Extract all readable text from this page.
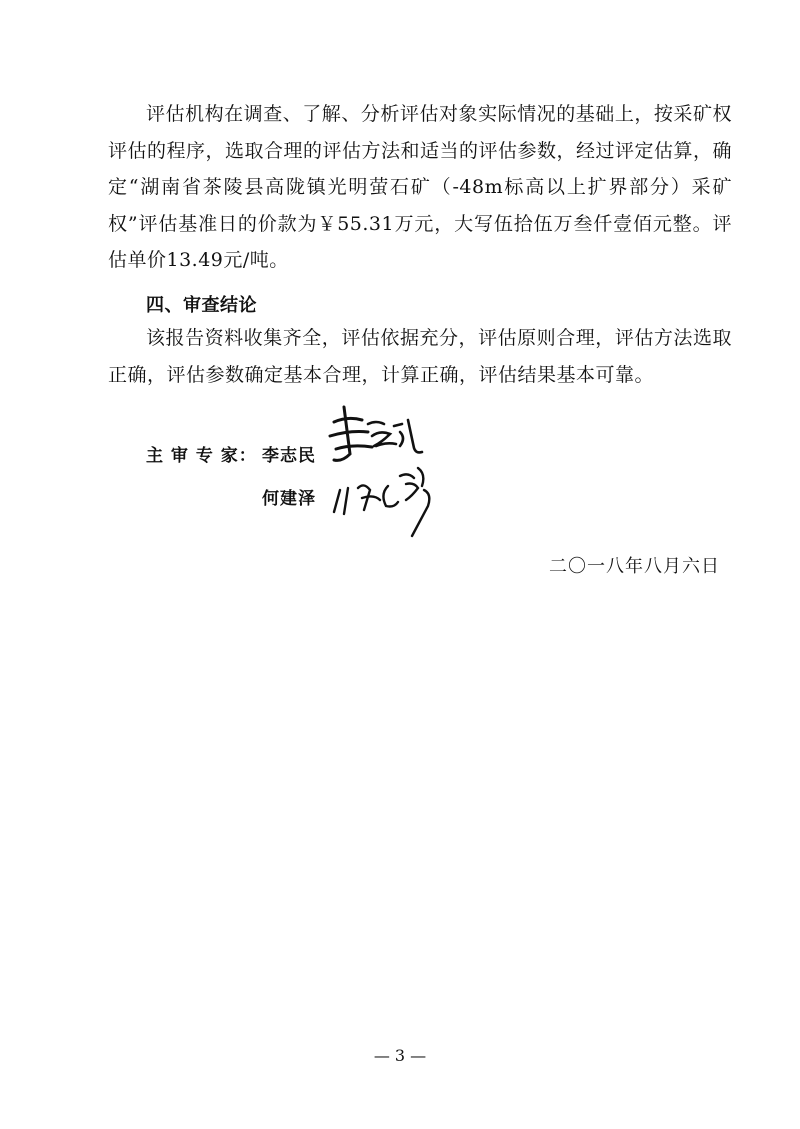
评估机构在调查、了解、分析评估对象实际情况的基础上，按采矿权评估的程序，选取合理的评估方法和适当的评估参数，经过评定估算，确定“湖南省茶陵县高陇镇光明萤石矿（-48m标高以上扩界部分）采矿权”评估基准日的价款为￥55.31万元，大写伍拾伍万叁仟壹佰元整。评估单价13.49元/吨。
四、审查结论
该报告资料收集齐全，评估依据充分，评估原则合理，评估方法选取正确，评估参数确定基本合理，计算正确，评估结果基本可靠。
主 审 专 家： 李志民
何建泽
二〇一八年八月六日
— 3 —
